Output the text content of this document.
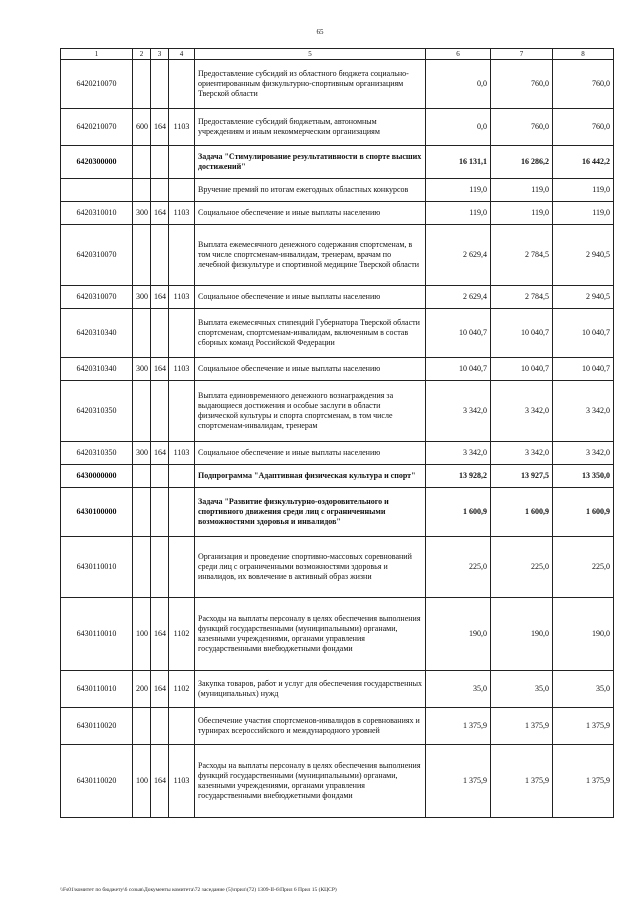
65
1	2	3	4	5	6	7	8
6420210070				Предоставление субсидий из областного бюджета социально-ориентированным физкультурно-спортивным организациям Тверской области	0,0	760,0	760,0
6420210070	600	164	1103	Предоставление субсидий бюджетным, автономным учреждениям и иным некоммерческим организациям	0,0	760,0	760,0
6420300000				Задача "Стимулирование результативности в спорте высших достижений"	16 131,1	16 286,2	16 442,2
				Вручение премий по итогам ежегодных областных конкурсов	119,0	119,0	119,0
6420310010	300	164	1103	Социальное обеспечение и иные выплаты населению	119,0	119,0	119,0
6420310070				Выплата ежемесячного денежного содержания спортсменам, в том числе спортсменам-инвалидам, тренерам, врачам по лечебной физкультуре и спортивной медицине Тверской области	2 629,4	2 784,5	2 940,5
6420310070	300	164	1103	Социальное обеспечение и иные выплаты населению	2 629,4	2 784,5	2 940,5
6420310340				Выплата ежемесячных стипендий Губернатора Тверской области спортсменам, спортсменам-инвалидам, включенным в состав сборных команд Российской Федерации	10 040,7	10 040,7	10 040,7
6420310340	300	164	1103	Социальное обеспечение и иные выплаты населению	10 040,7	10 040,7	10 040,7
6420310350				Выплата единовременного денежного вознаграждения за выдающиеся достижения и особые заслуги в области физической культуры и спорта спортсменам, в том числе спортсменам-инвалидам, тренерам	3 342,0	3 342,0	3 342,0
6420310350	300	164	1103	Социальное обеспечение и иные выплаты населению	3 342,0	3 342,0	3 342,0
6430000000				Подпрограмма "Адаптивная физическая культура и спорт"	13 928,2	13 927,5	13 350,0
6430100000				Задача "Развитие физкультурно-оздоровительного и спортивного движения среди лиц с ограниченными возможностями здоровья и инвалидов"	1 600,9	1 600,9	1 600,9
6430110010				Организация и проведение спортивно-массовых соревнований среди лиц с ограниченными возможностями здоровья и инвалидов, их вовлечение в активный образ жизни	225,0	225,0	225,0
6430110010	100	164	1102	Расходы на выплаты персоналу в целях обеспечения выполнения функций государственными (муниципальными) органами, казенными учреждениями, органами управления государственными внебюджетными фондами	190,0	190,0	190,0
6430110010	200	164	1102	Закупка товаров, работ и услуг для обеспечения государственных (муниципальных) нужд	35,0	35,0	35,0
6430110020				Обеспечение участия спортсменов-инвалидов в соревнованиях и турнирах всероссийского и международного уровней	1 375,9	1 375,9	1 375,9
6430110020	100	164	1103	Расходы на выплаты персоналу в целях обеспечения выполнения функций государственными (муниципальными) органами, казенными учреждениями, органами управления государственными внебюджетными фондами	1 375,9	1 375,9	1 375,9
\\Fs01\комитет по бюджету\6 созыв\Документы комитета\72 заседание (5)\прил\(72) 1309-II-6\Прил 6 Прил 15 (КЦСР)
